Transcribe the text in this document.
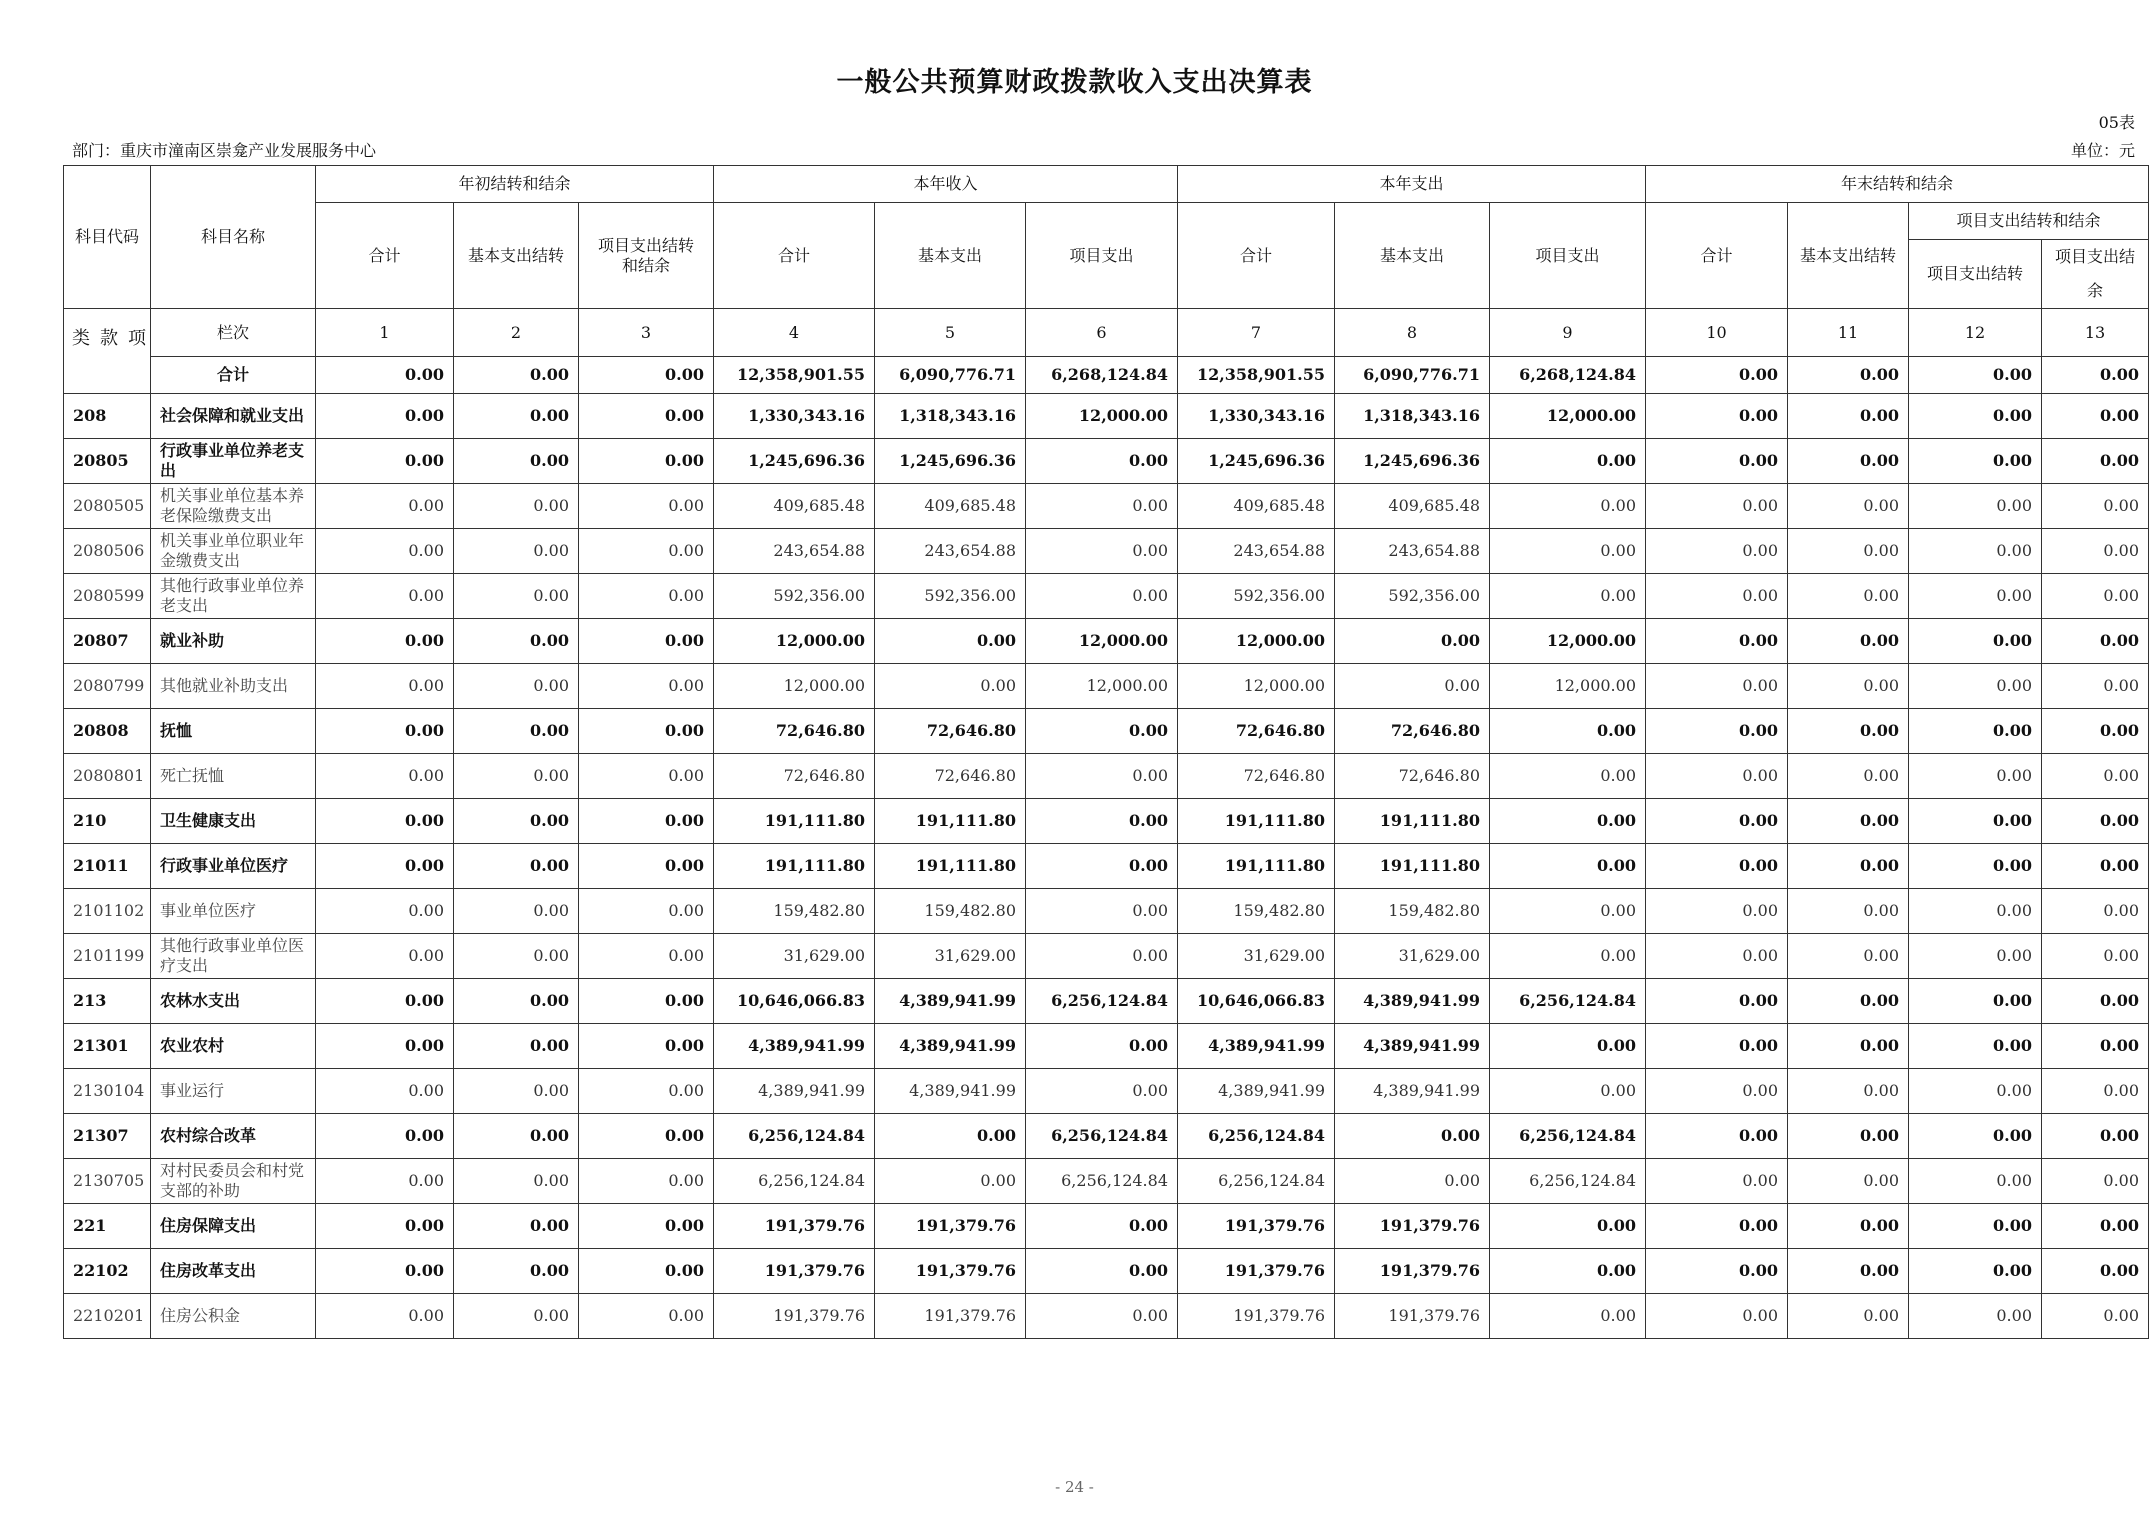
一般公共预算财政拨款收入支出决算表
05表
部门：重庆市潼南区崇龛产业发展服务中心	单位：元
科目代码	科目名称	年初结转和结余			本年收入			本年支出			年末结转和结余			
		合计	基本支出结转	项目支出结转和结余	合计	基本支出	项目支出	合计	基本支出	项目支出	合计	基本支出结转	项目支出结转和结余	
													项目支出结转	项目支出结余

类 款 项	栏次	1	2	3	4	5	6	7	8	9	10	11	12	13
	合计	0.00	0.00	0.00	12,358,901.55	6,090,776.71	6,268,124.84	12,358,901.55	6,090,776.71	6,268,124.84	0.00	0.00	0.00	0.00
208	社会保障和就业支出	0.00	0.00	0.00	1,330,343.16	1,318,343.16	12,000.00	1,330,343.16	1,318,343.16	12,000.00	0.00	0.00	0.00	0.00
20805	行政事业单位养老支出	0.00	0.00	0.00	1,245,696.36	1,245,696.36	0.00	1,245,696.36	1,245,696.36	0.00	0.00	0.00	0.00	0.00
2080505	机关事业单位基本养老保险缴费支出	0.00	0.00	0.00	409,685.48	409,685.48	0.00	409,685.48	409,685.48	0.00	0.00	0.00	0.00	0.00
2080506	机关事业单位职业年金缴费支出	0.00	0.00	0.00	243,654.88	243,654.88	0.00	243,654.88	243,654.88	0.00	0.00	0.00	0.00	0.00
2080599	其他行政事业单位养老支出	0.00	0.00	0.00	592,356.00	592,356.00	0.00	592,356.00	592,356.00	0.00	0.00	0.00	0.00	0.00
20807	就业补助	0.00	0.00	0.00	12,000.00	0.00	12,000.00	12,000.00	0.00	12,000.00	0.00	0.00	0.00	0.00
2080799	其他就业补助支出	0.00	0.00	0.00	12,000.00	0.00	12,000.00	12,000.00	0.00	12,000.00	0.00	0.00	0.00	0.00
20808	抚恤	0.00	0.00	0.00	72,646.80	72,646.80	0.00	72,646.80	72,646.80	0.00	0.00	0.00	0.00	0.00
2080801	死亡抚恤	0.00	0.00	0.00	72,646.80	72,646.80	0.00	72,646.80	72,646.80	0.00	0.00	0.00	0.00	0.00
210	卫生健康支出	0.00	0.00	0.00	191,111.80	191,111.80	0.00	191,111.80	191,111.80	0.00	0.00	0.00	0.00	0.00
21011	行政事业单位医疗	0.00	0.00	0.00	191,111.80	191,111.80	0.00	191,111.80	191,111.80	0.00	0.00	0.00	0.00	0.00
2101102	事业单位医疗	0.00	0.00	0.00	159,482.80	159,482.80	0.00	159,482.80	159,482.80	0.00	0.00	0.00	0.00	0.00
2101199	其他行政事业单位医疗支出	0.00	0.00	0.00	31,629.00	31,629.00	0.00	31,629.00	31,629.00	0.00	0.00	0.00	0.00	0.00
213	农林水支出	0.00	0.00	0.00	10,646,066.83	4,389,941.99	6,256,124.84	10,646,066.83	4,389,941.99	6,256,124.84	0.00	0.00	0.00	0.00
21301	农业农村	0.00	0.00	0.00	4,389,941.99	4,389,941.99	0.00	4,389,941.99	4,389,941.99	0.00	0.00	0.00	0.00	0.00
2130104	事业运行	0.00	0.00	0.00	4,389,941.99	4,389,941.99	0.00	4,389,941.99	4,389,941.99	0.00	0.00	0.00	0.00	0.00
21307	农村综合改革	0.00	0.00	0.00	6,256,124.84	0.00	6,256,124.84	6,256,124.84	0.00	6,256,124.84	0.00	0.00	0.00	0.00
2130705	对村民委员会和村党支部的补助	0.00	0.00	0.00	6,256,124.84	0.00	6,256,124.84	6,256,124.84	0.00	6,256,124.84	0.00	0.00	0.00	0.00
221	住房保障支出	0.00	0.00	0.00	191,379.76	191,379.76	0.00	191,379.76	191,379.76	0.00	0.00	0.00	0.00	0.00
22102	住房改革支出	0.00	0.00	0.00	191,379.76	191,379.76	0.00	191,379.76	191,379.76	0.00	0.00	0.00	0.00	0.00
2210201	住房公积金	0.00	0.00	0.00	191,379.76	191,379.76	0.00	191,379.76	191,379.76	0.00	0.00	0.00	0.00	0.00
- 24 -
